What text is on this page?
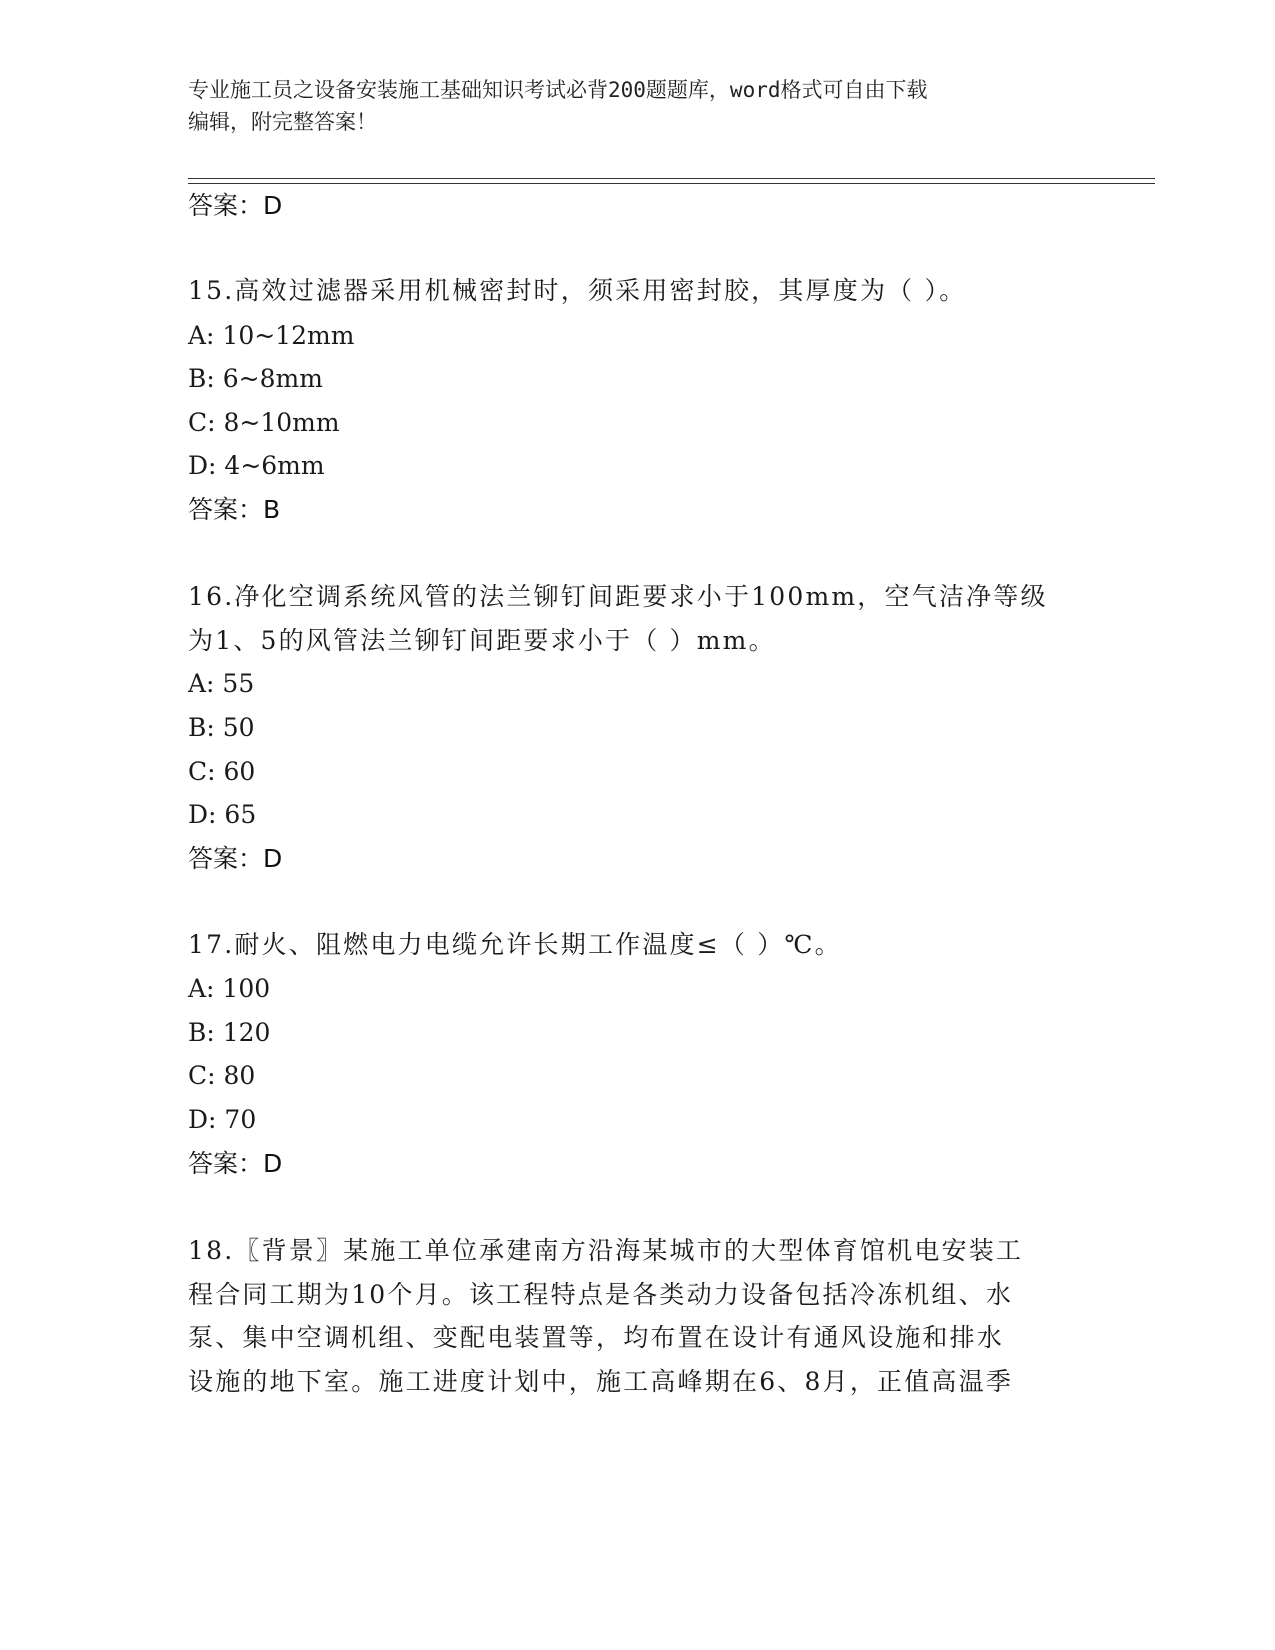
专业施工员之设备安装施工基础知识考试必背200题题库，word格式可自由下载
编辑，附完整答案！
答案：D
15.高效过滤器采用机械密封时，须采用密封胶，其厚度为（ ）。
A: 10~12mm
B: 6~8mm
C: 8~10mm
D: 4~6mm
答案：B
16.净化空调系统风管的法兰铆钉间距要求小于100mm，空气洁净等级
为1、5的风管法兰铆钉间距要求小于（ ）mm。
A: 55
B: 50
C: 60
D: 65
答案：D
17.耐火、阻燃电力电缆允许长期工作温度≤（ ）℃。
A: 100
B: 120
C: 80
D: 70
答案：D
18.〖背景〗某施工单位承建南方沿海某城市的大型体育馆机电安装工
程合同工期为10个月。该工程特点是各类动力设备包括冷冻机组、水
泵、集中空调机组、变配电装置等，均布置在设计有通风设施和排水
设施的地下室。施工进度计划中，施工高峰期在6、8月，正值高温季
